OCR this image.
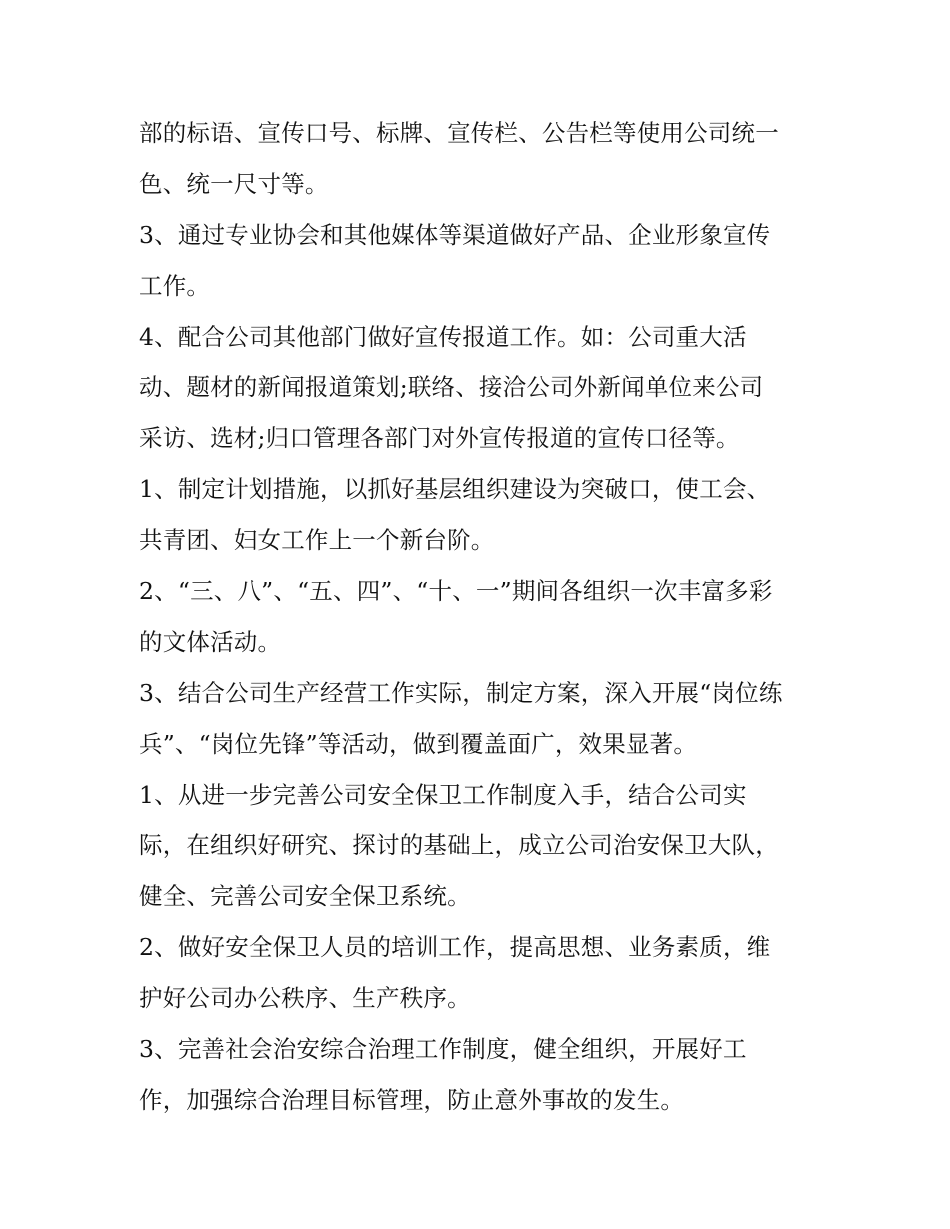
部的标语、宣传口号、标牌、宣传栏、公告栏等使用公司统一
色、统一尺寸等。
3、通过专业协会和其他媒体等渠道做好产品、企业形象宣传
工作。
4、配合公司其他部门做好宣传报道工作。如：公司重大活
动、题材的新闻报道策划;联络、接洽公司外新闻单位来公司
采访、选材;归口管理各部门对外宣传报道的宣传口径等。
1、制定计划措施，以抓好基层组织建设为突破口，使工会、
共青团、妇女工作上一个新台阶。
2、“三、八”、“五、四”、“十、一”期间各组织一次丰富多彩
的文体活动。
3、结合公司生产经营工作实际，制定方案，深入开展“岗位练
兵”、“岗位先锋”等活动，做到覆盖面广，效果显著。
1、从进一步完善公司安全保卫工作制度入手，结合公司实
际，在组织好研究、探讨的基础上，成立公司治安保卫大队，
健全、完善公司安全保卫系统。
2、做好安全保卫人员的培训工作，提高思想、业务素质，维
护好公司办公秩序、生产秩序。
3、完善社会治安综合治理工作制度，健全组织，开展好工
作，加强综合治理目标管理，防止意外事故的发生。
